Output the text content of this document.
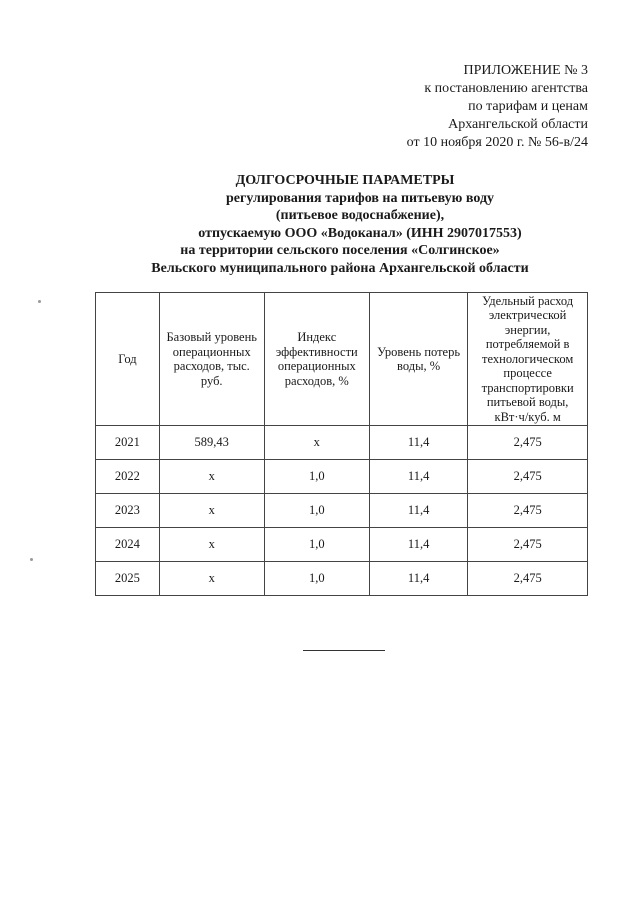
ПРИЛОЖЕНИЕ № 3
к постановлению агентства
по тарифам и ценам
Архангельской области
от 10 ноября 2020 г. № 56-в/24
ДОЛГОСРОЧНЫЕ ПАРАМЕТРЫ
регулирования тарифов на питьевую воду
(питьевое водоснабжение),
отпускаемую ООО «Водоканал» (ИНН 2907017553)
на территории сельского поселения «Солгинское»
Вельского муниципального района Архангельской области
Год	Базовый уровень операционных расходов, тыс. руб.	Индекс эффективности операционных расходов, %	Уровень потерь воды, %	Удельный расход электрической энергии, потребляемой в технологическом процессе транспортировки питьевой воды, кВт·ч/куб. м
2021	589,43	х	11,4	2,475
2022	х	1,0	11,4	2,475
2023	х	1,0	11,4	2,475
2024	х	1,0	11,4	2,475
2025	х	1,0	11,4	2,475
